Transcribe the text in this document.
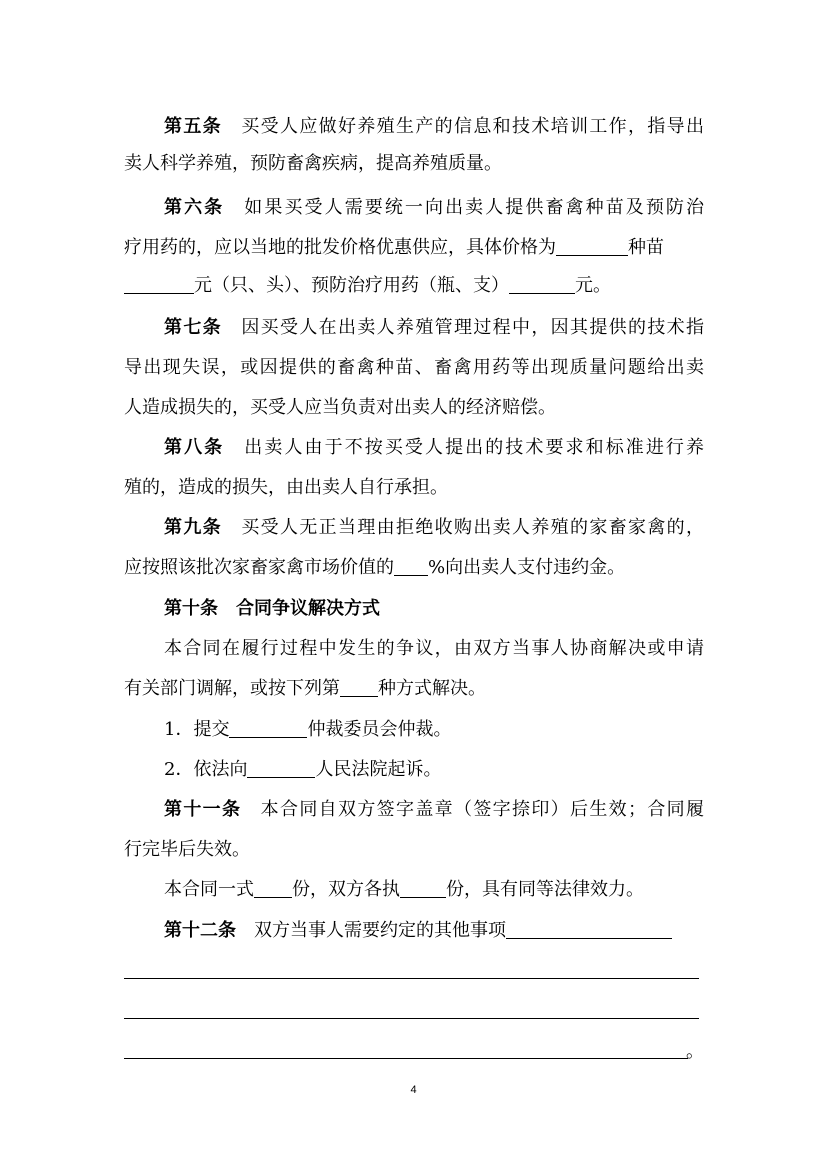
第五条 买受人应做好养殖生产的信息和技术培训工作，指导出
卖人科学养殖，预防畜禽疾病，提高养殖质量。
第六条 如果买受人需要统一向出卖人提供畜禽种苗及预防治
疗用药的，应以当地的批发价格优惠供应，具体价格为	种苗
元（只、头）、预防治疗用药（瓶、支）	元。
第七条 因买受人在出卖人养殖管理过程中，因其提供的技术指
导出现失误，或因提供的畜禽种苗、畜禽用药等出现质量问题给出卖
人造成损失的，买受人应当负责对出卖人的经济赔偿。
第八条 出卖人由于不按买受人提出的技术要求和标准进行养
殖的，造成的损失，由出卖人自行承担。
第九条 买受人无正当理由拒绝收购出卖人养殖的家畜家禽的，
应按照该批次家畜家禽市场价值的 %向出卖人支付违约金。
第十条 合同争议解决方式
本合同在履行过程中发生的争议，由双方当事人协商解决或申请
有关部门调解，或按下列第 种方式解决。
1．提交	仲裁委员会仲裁。
2．依法向	人民法院起诉。
第十一条 本合同自双方签字盖章（签字捺印）后生效；合同履
行完毕后失效。
本合同一式 份，双方各执	份，具有同等法律效力。
第十二条 双方当事人需要约定的其他事项
。
4
